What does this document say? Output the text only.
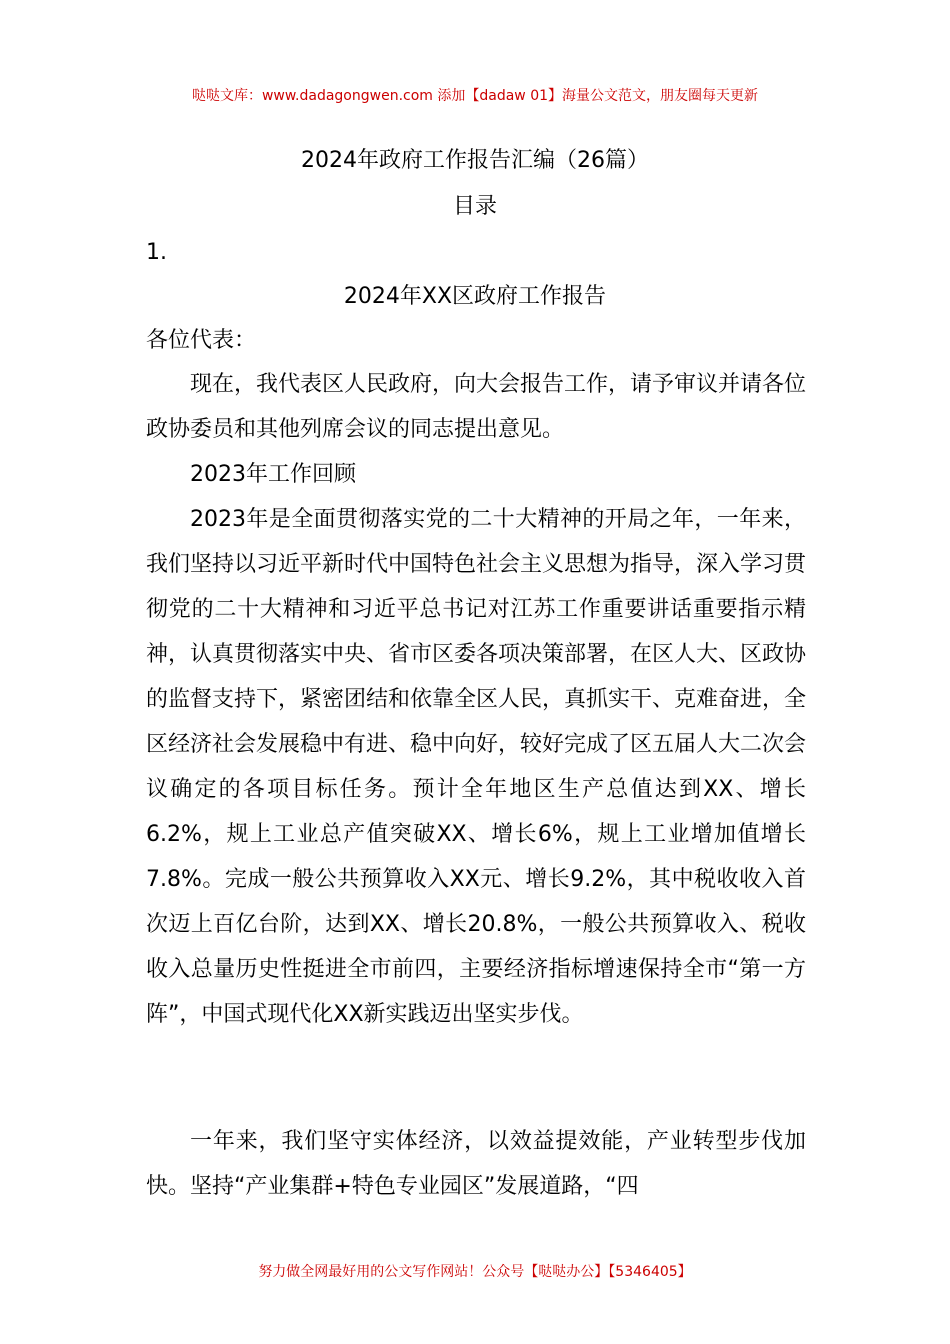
哒哒文库：www.dadagongwen.com 添加【dadaw 01】海量公文范文，朋友圈每天更新
2024年政府工作报告汇编（26篇）
目录
1.
2024年XX区政府工作报告
各位代表：

现在，我代表区人民政府，向大会报告工作，请予审议并请各位政协委员和其他列席会议的同志提出意见。

2023年工作回顾

2023年是全面贯彻落实党的二十大精神的开局之年，一年来，我们坚持以习近平新时代中国特色社会主义思想为指导，深入学习贯彻党的二十大精神和习近平总书记对江苏工作重要讲话重要指示精神，认真贯彻落实中央、省市区委各项决策部署，在区人大、区政协的监督支持下，紧密团结和依靠全区人民，真抓实干、克难奋进，全区经济社会发展稳中有进、稳中向好，较好完成了区五届人大二次会议确定的各项目标任务。预计全年地区生产总值达到XX、增长6.2%，规上工业总产值突破XX、增长6%，规上工业增加值增长7.8%。完成一般公共预算收入XX元、增长9.2%，其中税收收入首次迈上百亿台阶，达到XX、增长20.8%，一般公共预算收入、税收收入总量历史性挺进全市前四，主要经济指标增速保持全市“第一方阵”，中国式现代化XX新实践迈出坚实步伐。

一年来，我们坚守实体经济，以效益提效能，产业转型步伐加快。坚持“产业集群+特色专业园区”发展道路，“四

努力做全网最好用的公文写作网站！公众号【哒哒办公】【5346405】
